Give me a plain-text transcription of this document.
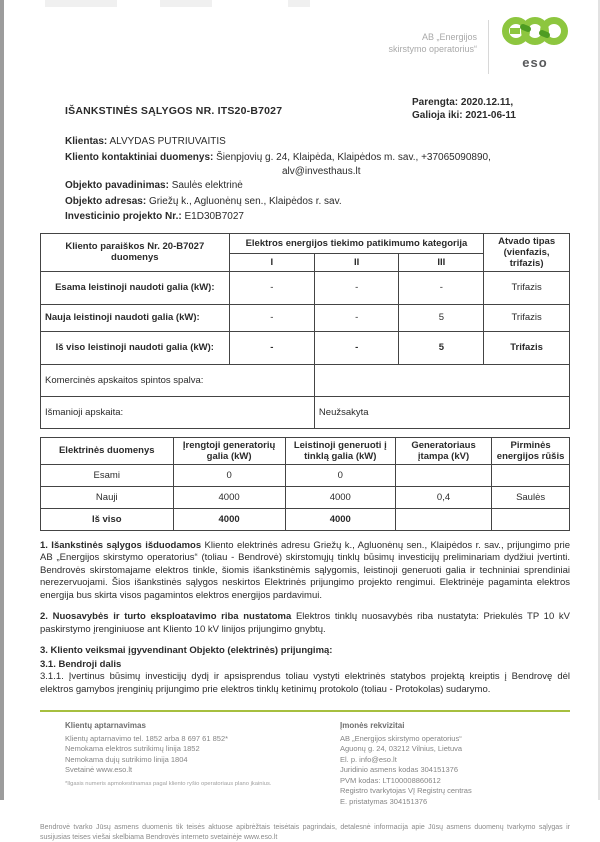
AB „Energijos
skirstymo operatorius“
eso
IŠANKSTINĖS SĄLYGOS NR. ITS20-B7027
Parengta: 2020.12.11,
Galioja iki: 2021-06-11
Klientas: ALVYDAS PUTRIUVAITIS
Kliento kontaktiniai duomenys: Šienpjovių g. 24, Klaipėda, Klaipėdos m. sav., +37065090890,
alv@investhaus.lt
Objekto pavadinimas: Saulės elektrinė
Objekto adresas: Griežų k., Agluonėnų sen., Klaipėdos r. sav.
Investicinio projekto Nr.: E1D30B7027
Kliento paraiškos Nr. 20-B7027 duomenys	Elektros energijos tiekimo patikimumo kategorija			Atvado tipas (vienfazis, trifazis)
	I	II	III	
Esama leistinoji naudoti galia (kW):	-	-	-	Trifazis
Nauja leistinoji naudoti galia (kW):	-	-	5	Trifazis
Iš viso leistinoji naudoti galia (kW):	-	-	5	Trifazis
Komercinės apskaitos spintos spalva:				
Išmanioji apskaita:		Neužsakyta		
Elektrinės duomenys	Įrengtoji generatorių galia (kW)	Leistinoji generuoti į tinklą galia (kW)	Generatoriaus įtampa (kV)	Pirminės energijos rūšis
Esami	0	0		
Nauji	4000	4000	0,4	Saulės
Iš viso	4000	4000		
1. Išankstinės sąlygos išduodamos Kliento elektrinės adresu Griežų k., Agluonėnų sen., Klaipėdos r. sav., prijungimo prie AB „Energijos skirstymo operatorius“ (toliau - Bendrovė) skirstomųjų tinklų būsimų investicijų preliminariam dydžiui įvertinti. Bendrovės skirstomajame elektros tinkle, šiomis išankstinėmis sąlygomis, leistinoji generuoti galia ir techniniai sprendiniai nerezervuojami. Šios išankstinės sąlygos neskirtos Elektrinės prijungimo projekto rengimui. Elektrinėje pagaminta elektros energija bus skirta visos pagamintos elektros energijos pardavimui.
2. Nuosavybės ir turto eksploatavimo riba nustatoma Elektros tinklų nuosavybės riba nustatyta: Priekulės TP 10 kV paskirstymo įrenginiuose ant Kliento 10 kV linijos prijungimo gnybtų.
3. Kliento veiksmai įgyvendinant Objekto (elektrinės) prijungimą:
3.1. Bendroji dalis
3.1.1. Įvertinus būsimų investicijų dydį ir apsisprendus toliau vystyti elektrinės statybos projektą kreiptis į Bendrovę dėl elektros gamybos įrenginių prijungimo prie elektros tinklų ketinimų protokolo (toliau - Protokolas) sudarymo.
Klientų aptarnavimas
Klientų aptarnavimo tel. 1852 arba 8 697 61 852*
Nemokama elektros sutrikimų linija 1852
Nemokama dujų sutrikimo linija 1804
Svetainė www.eso.lt
*Ilgasis numeris apmokestinamas pagal kliento ryšio operatoriaus plano įkainius.
Įmonės rekvizitai
AB „Energijos skirstymo operatorius“
Aguonų g. 24, 03212 Vilnius, Lietuva
El. p. info@eso.lt
Juridinio asmens kodas 304151376
PVM kodas: LT100008860612
Registro tvarkytojas VĮ Registrų centras
E. pristatymas 304151376
Bendrovė tvarko Jūsų asmens duomenis tik teisės aktuose apibrėžtais teisėtais pagrindais, detalesnė informacija apie Jūsų asmens duomenų tvarkymo sąlygas ir susijusias teises viešai skelbiama Bendrovės interneto svetainėje www.eso.lt
